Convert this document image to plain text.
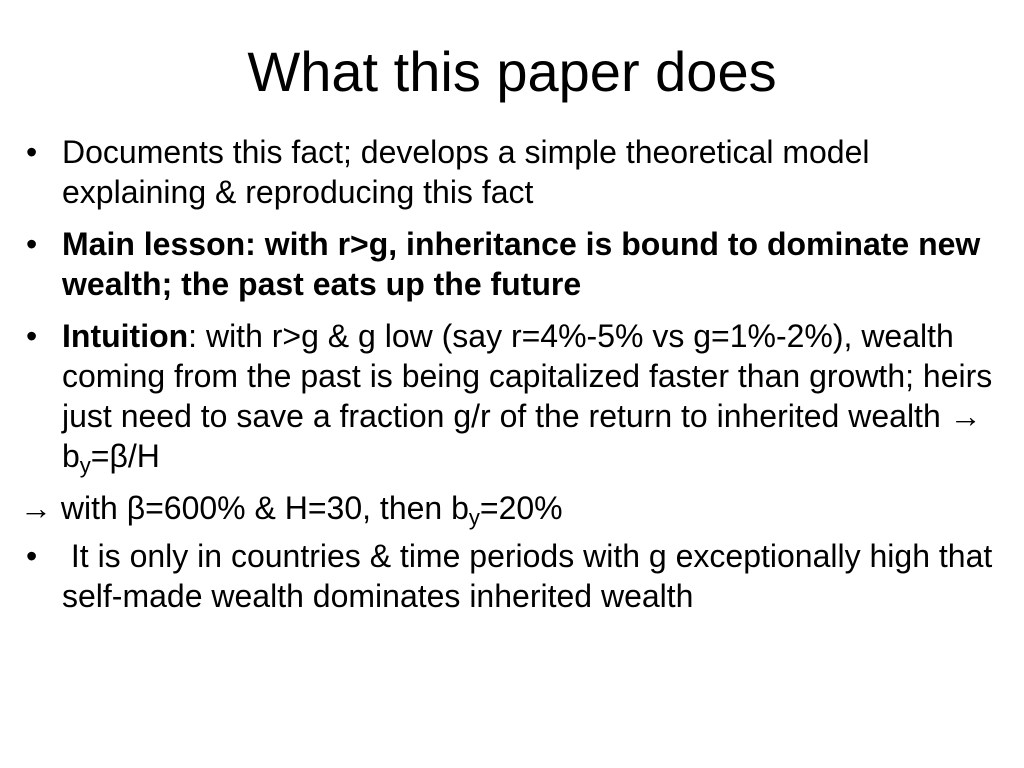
What this paper does
• Documents this fact; develops a simple theoretical model explaining & reproducing this fact
• Main lesson: with r>g, inheritance is bound to dominate new wealth; the past eats up the future
• Intuition: with r>g & g low (say r=4%-5% vs g=1%-2%), wealth coming from the past is being capitalized faster than growth; heirs just need to save a fraction g/r of the return to inherited wealth → $b_y=\beta/H$
→ with β=600% & H=30, then $b_y=20\%$
• It is only in countries & time periods with g exceptionally high that self-made wealth dominates inherited wealth
